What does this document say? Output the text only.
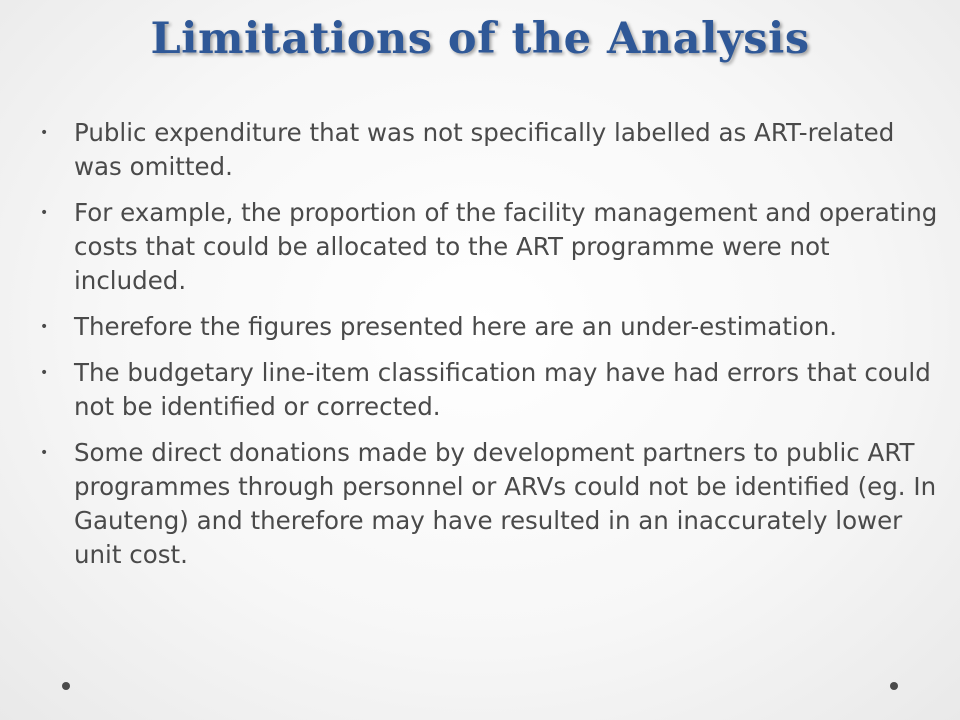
Limitations of the Analysis
• Public expenditure that was not specifically labelled as ART-related was omitted.
• For example, the proportion of the facility management and operating costs that could be allocated to the ART programme were not included.
• Therefore the figures presented here are an under-estimation.
• The budgetary line-item classification may have had errors that could not be identified or corrected.
• Some direct donations made by development partners to public ART programmes through personnel or ARVs could not be identified (eg. In Gauteng) and therefore may have resulted in an inaccurately lower unit cost.
